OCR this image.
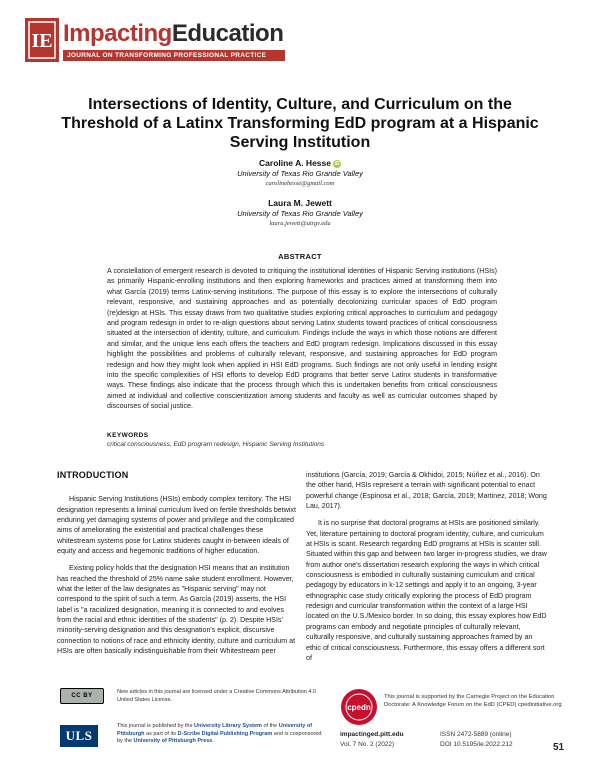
IE ImpactingEducation
JOURNAL ON TRANSFORMING PROFESSIONAL PRACTICE
Intersections of Identity, Culture, and Curriculum on the Threshold of a Latinx Transforming EdD program at a Hispanic Serving Institution
Caroline A. Hesse iD
University of Texas Rio Grande Valley
carolinehesse@gmail.com
Laura M. Jewett
University of Texas Rio Grande Valley
laura.jewett@utrgv.edu
ABSTRACT

A constellation of emergent research is devoted to critiquing the institutional identities of Hispanic Serving institutions (HSIs) as primarily Hispanic-enrolling institutions and then exploring frameworks and practices aimed at transforming them into what García (2019) terms Latinx-serving institutions. The purpose of this essay is to explore the intersections of culturally relevant, responsive, and sustaining approaches and as potentially decolonizing curricular spaces of EdD program (re)design at HSIs. This essay draws from two qualitative studies exploring critical approaches to curriculum and pedagogy and program redesign in order to re-align questions about serving Latinx students toward practices of critical consciousness situated at the intersection of identity, culture, and curriculum. Findings include the ways in which those notions are different and similar, and the unique lens each offers the teachers and EdD program redesign. Implications discussed in this essay highlight the possibilities and problems of culturally relevant, responsive, and sustaining approaches for EdD program redesign and how they might look when applied in HSI EdD programs. Such findings are not only useful in lending insight into the specific complexities of HSI efforts to develop EdD programs that better serve Latinx students in transformative ways. These findings also indicate that the process through which this is undertaken benefits from critical consciousness aimed at individual and collective conscientization among students and faculty as well as curricular outcomes shaped by discourses of social justice.

KEYWORDS
critical consciousness, EdD program redesign, Hispanic Serving Institutions
INTRODUCTION

Hispanic Serving Institutions (HSIs) embody complex territory. The HSI designation represents a liminal curriculum lived on fertile thresholds betwixt enduring yet damaging systems of power and privilege and the complicated aims of ameliorating the existential and practical challenges these whitestream systems pose for Latinx students caught in-between ideals of equity and access and hegemonic traditions of higher education.

Existing policy holds that the designation HSI means that an institution has reached the threshold of 25% name sake student enrollment. However, what the letter of the law designates as "Hispanic serving" may not correspond to the spirit of such a term. As García (2019) asserts, the HSI label is "a racialized designation, meaning it is connected to and evolves from the racial and ethnic identities of the students" (p. 2). Despite HSIs' minority-serving designation and this designation's explicit, discursive connection to notions of race and ethnicity identity, culture and curriculum at HSIs are often basically indistinguishable from their Whitestream peer

institutions (García, 2019; García & Okhidoi, 2015; Núñez et al., 2016). On the other hand, HSIs represent a terrain with significant potential to enact powerful change (Espinosa et al., 2018; García, 2019; Martinez, 2018; Wong Lau, 2017).

It is no surprise that doctoral programs at HSIs are positioned similarly. Yet, literature pertaining to doctoral program identity, culture, and curriculum at HSIs is scant. Research regarding EdD programs at HSIs is scanter still. Situated within this gap and between two larger in-progress studies, we draw from author one's dissertation research exploring the ways in which critical consciousness is embodied in culturally sustaining curriculum and critical pedagogy by educators in k-12 settings and apply it to an ongoing, 3-year ethnographic case study critically exploring the process of EdD program redesign and curricular transformation within the context of a large HSI located on the U.S./Mexico border. In so doing, this essay explores how EdD programs can embody and negotiate principles of culturally relevant, culturally responsive, and culturally sustaining approaches framed by an ethic of critical consciousness. Furthermore, this essay offers a different sort of

CC BY
New articles in this journal are licensed under a Creative Commons Attribution 4.0 United States License.
ULS
This journal is published by the University Library System of the University of Pittsburgh as part of its D-Scribe Digital Publishing Program and is cosponsored by the University of Pittsburgh Press.
cpedn
This journal is supported by the Carnegie Project on the Education Doctorate: A Knowledge Forum on the EdD (CPED) cpedinitiative.org
impactinged.pitt.edu
Vol. 7 No. 2 (2022)
ISSN 2472-5889 (online)
DOI 10.5195/ie.2022.212	51
